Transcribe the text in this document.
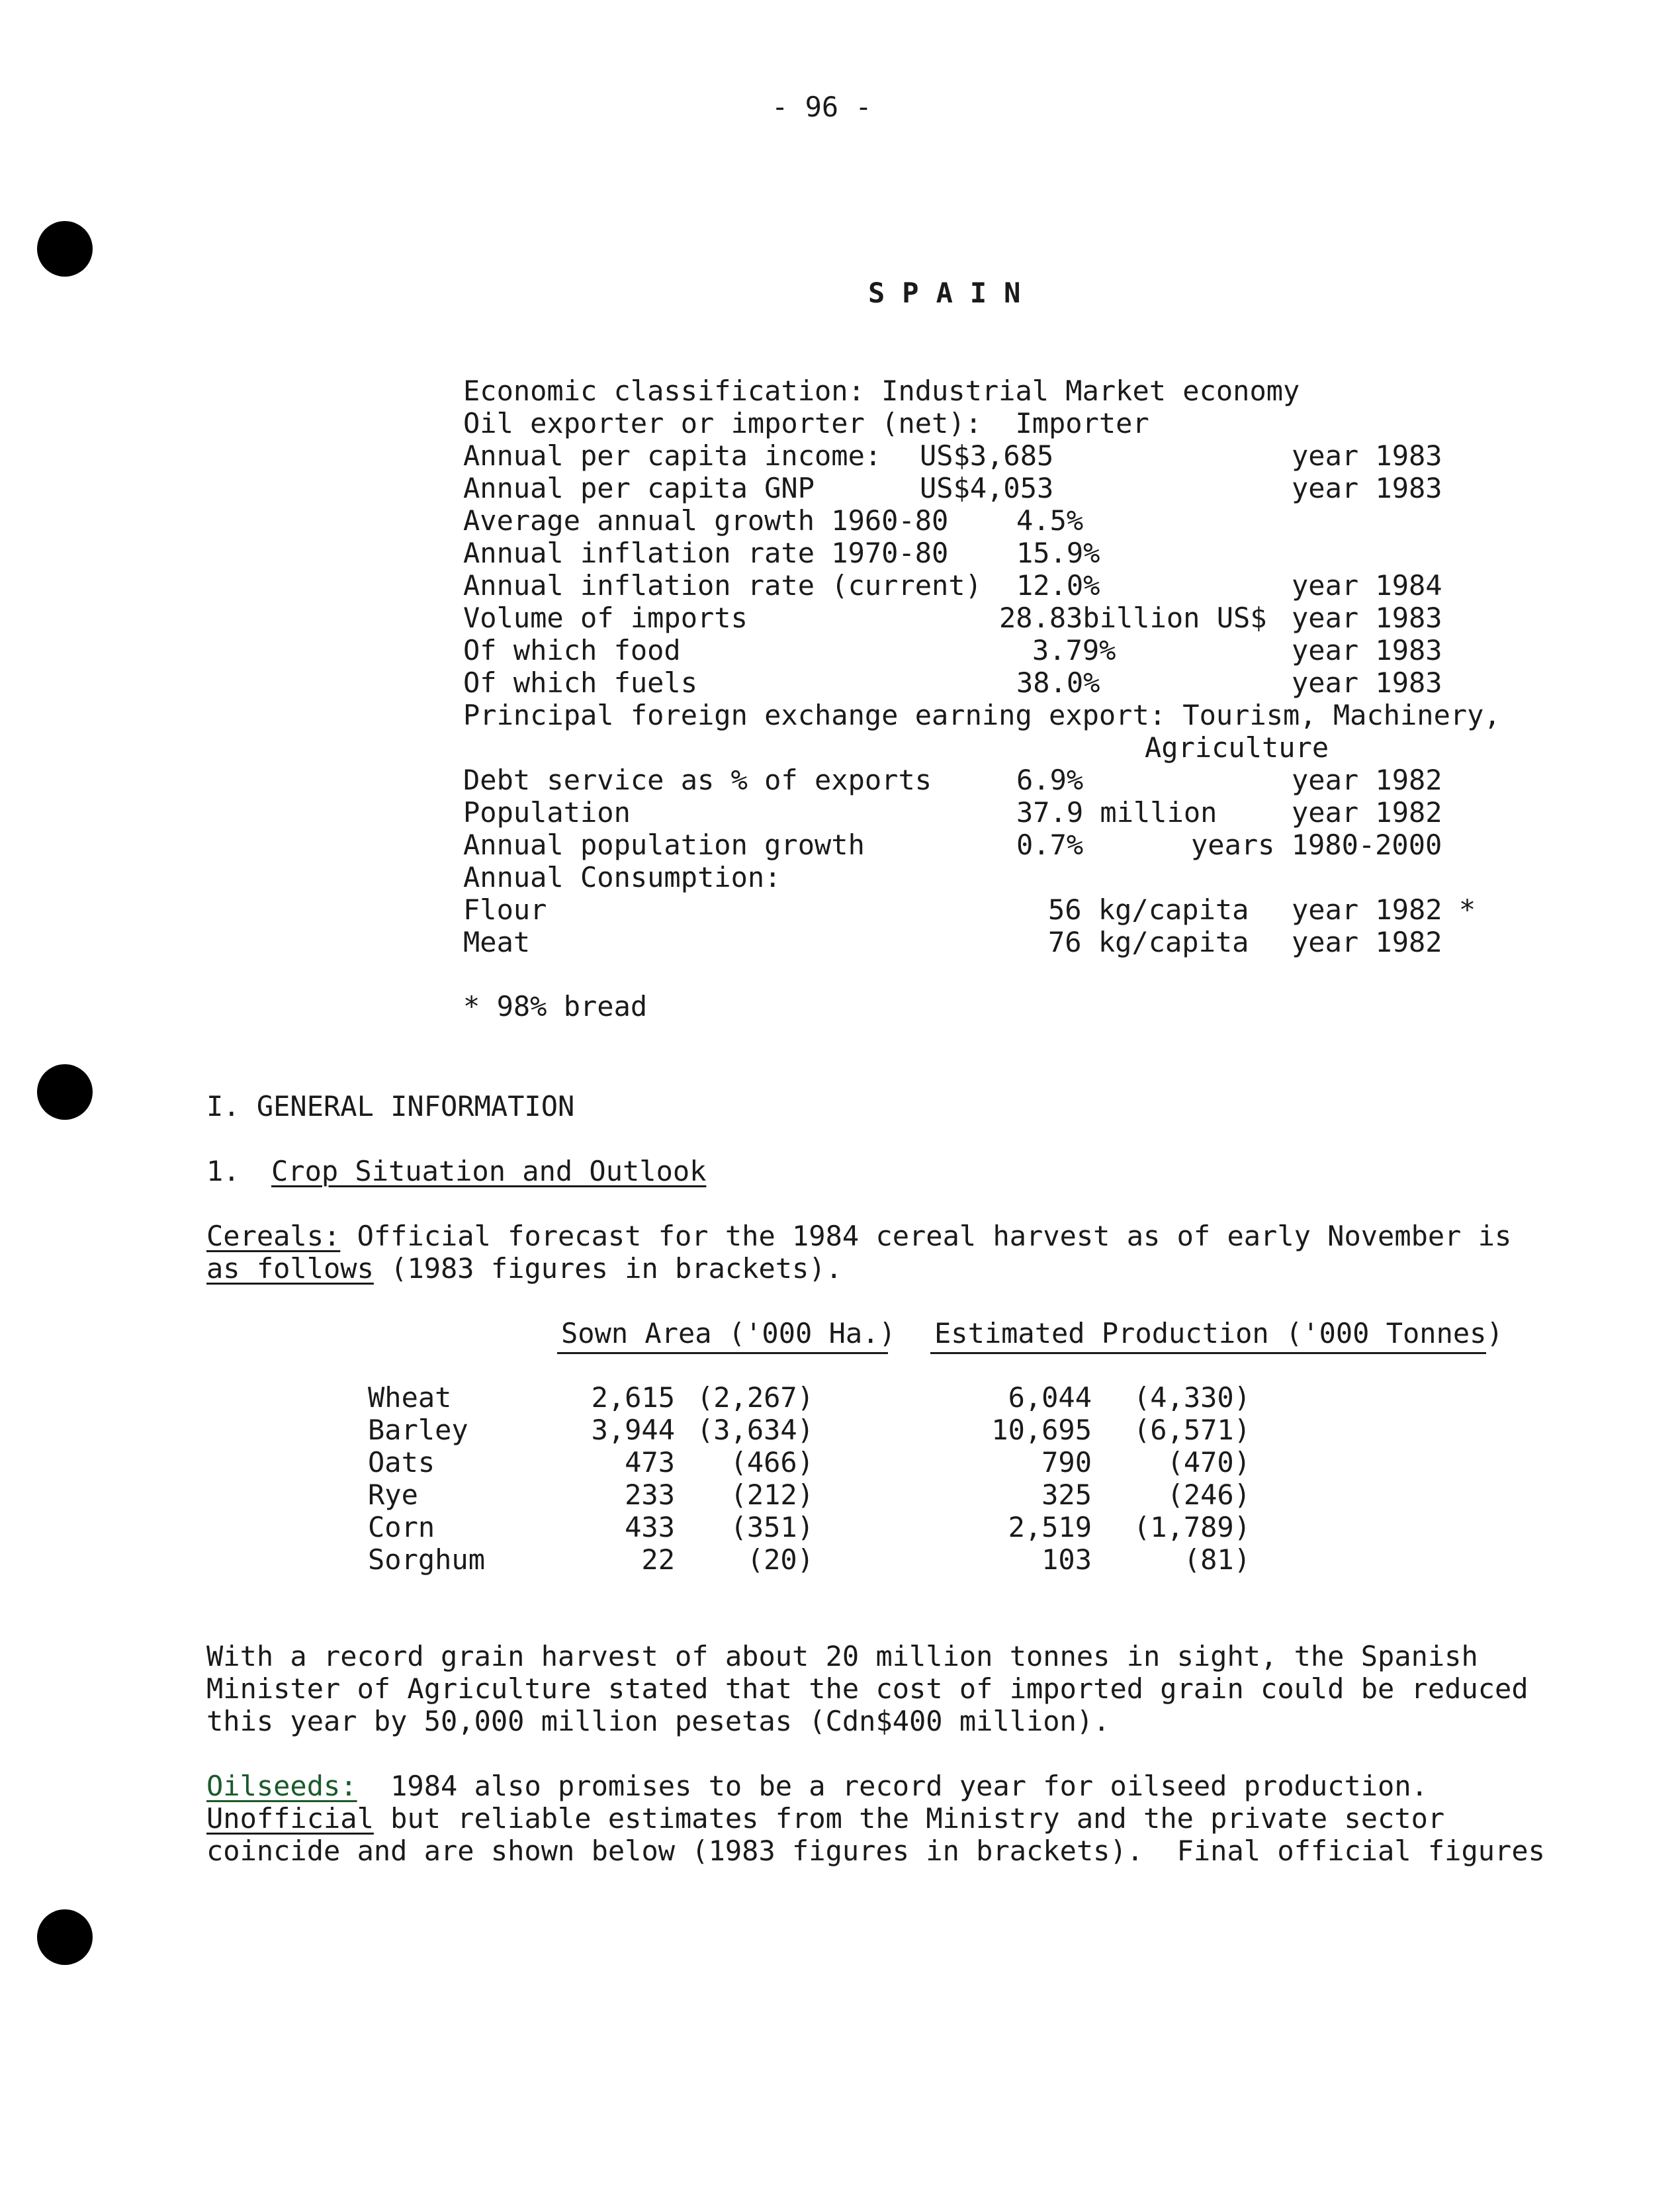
- 96 -
SPAIN
Economic classification: Industrial Market economy
Oil exporter or importer (net):  Importer
Annual per capita income: US$3,685	year 1983
Annual per capita GNP	US$4,053	year 1983
Average annual growth 1960-80 4.5%
Annual inflation rate 1970-80 15.9%
Annual inflation rate (current) 12.0%	year 1984
Volume of imports	28.83billion US$ year 1983
Of which food	3.79%	year 1983
Of which fuels	38.0%	year 1983
Principal foreign exchange earning export: Tourism, Machinery,
Agriculture
Debt service as % of exports	6.9%	year 1982
Population	37.9 million	year 1982
Annual population growth	0.7%	years 1980-2000
Annual Consumption:
Flour	56 kg/capita year 1982 *
Meat	76 kg/capita year 1982
* 98% bread
I. GENERAL INFORMATION
1. Crop Situation and Outlook
Cereals: Official forecast for the 1984 cereal harvest as of early November is
as follows (1983 figures in brackets).
Sown Area ('000 Ha.) Estimated Production ('000 Tonnes)
Wheat	2,615 (2,267)	6,044	(4,330)
Barley	3,944 (3,634)	10,695	(6,571)
Oats	473	(466)	790	(470)
Rye	233	(212)	325	(246)
Corn	433	(351)	2,519	(1,789)
Sorghum	22	(20)	103	(81)
With a record grain harvest of about 20 million tonnes in sight, the Spanish
Minister of Agriculture stated that the cost of imported grain could be reduced
this year by 50,000 million pesetas (Cdn$400 million).
Oilseeds:  1984 also promises to be a record year for oilseed production.
Unofficial but reliable estimates from the Ministry and the private sector
coincide and are shown below (1983 figures in brackets).  Final official figures
